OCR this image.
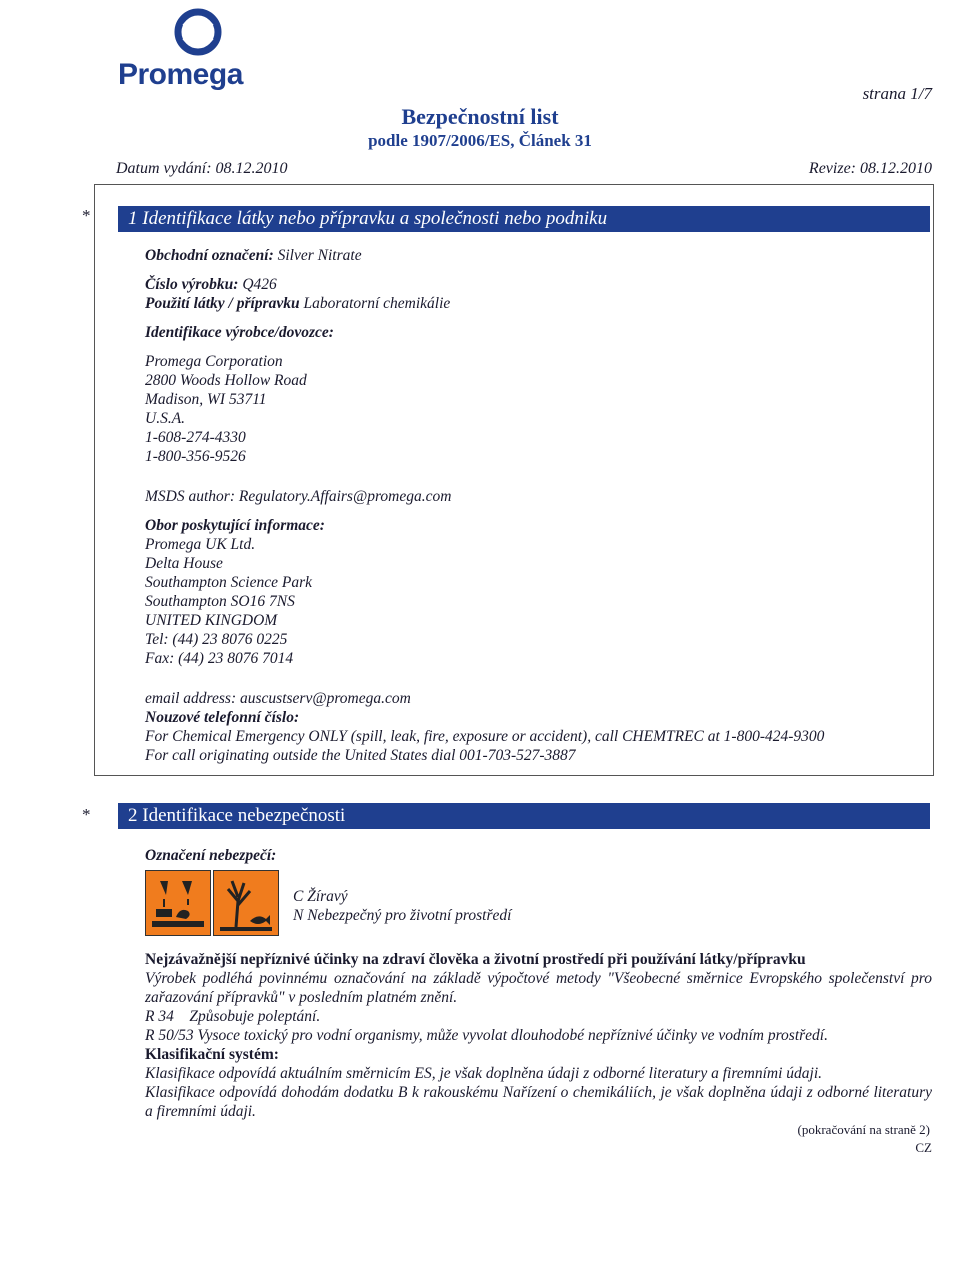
Promega
strana 1/7
Bezpečnostní list
podle 1907/2006/ES, Článek 31
Datum vydání: 08.12.2010	Revize: 08.12.2010
*	1 Identifikace látky nebo přípravku a společnosti nebo podniku
Obchodní označení: Silver Nitrate
Číslo výrobku: Q426
Použití látky / přípravku Laboratorní chemikálie
Identifikace výrobce/dovozce:
Promega Corporation
2800 Woods Hollow Road
Madison, WI 53711
U.S.A.
1-608-274-4330
1-800-356-9526
MSDS author: Regulatory.Affairs@promega.com
Obor poskytující informace:
Promega UK Ltd.
Delta House
Southampton Science Park
Southampton SO16 7NS
UNITED KINGDOM
Tel: (44) 23 8076 0225
Fax: (44) 23 8076 7014
email address: auscustserv@promega.com
Nouzové telefonní číslo:
For Chemical Emergency ONLY (spill, leak, fire, exposure or accident), call CHEMTREC at 1-800-424-9300
For call originating outside the United States dial 001-703-527-3887
*	2 Identifikace nebezpečnosti
Označení nebezpečí:
C Žíravý
N Nebezpečný pro životní prostředí
Nejzávažnější nepříznivé účinky na zdraví člověka a životní prostředí při používání látky/přípravku
Výrobek podléhá povinnému označování na základě výpočtové metody "Všeobecné směrnice Evropského společenství pro zařazování přípravků" v posledním platném znění.
R 34 Způsobuje poleptání.
R 50/53 Vysoce toxický pro vodní organismy, může vyvolat dlouhodobé nepříznivé účinky ve vodním prostředí.
Klasifikační systém:
Klasifikace odpovídá aktuálním směrnicím ES, je však doplněna údaji z odborné literatury a firemními údaji.
Klasifikace odpovídá dohodám dodatku B k rakouskému Nařízení o chemikáliích, je však doplněna údaji z odborné literatury a firemními údaji.
(pokračování na straně 2)
CZ
